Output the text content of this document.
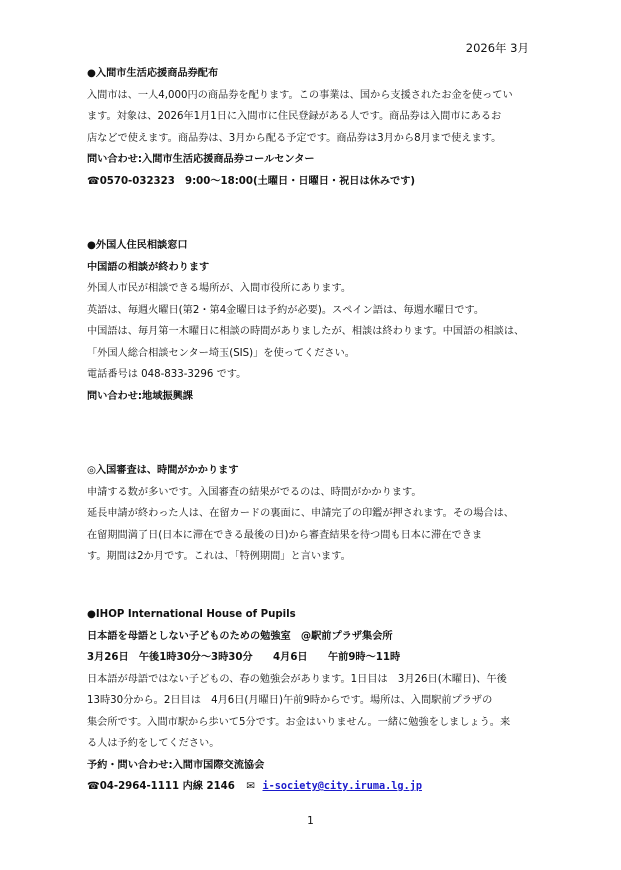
2026年 3月
●入間市生活応援商品券配布
入間市は、一人4,000円の商品券を配ります。この事業は、国から支援されたお金を使ってい
ます。対象は、2026年1月1日に入間市に住民登録がある人です。商品券は入間市にあるお
店などで使えます。商品券は、3月から配る予定です。商品券は3月から8月まで使えます。
問い合わせ:入間市生活応援商品券コールセンター
☎0570-032323　9:00～18:00(土曜日・日曜日・祝日は休みです)
●外国人住民相談窓口
中国語の相談が終わります
外国人市民が相談できる場所が、入間市役所にあります。
英語は、毎週火曜日(第2・第4金曜日は予約が必要)。スペイン語は、毎週水曜日です。
中国語は、毎月第一木曜日に相談の時間がありましたが、相談は終わります。中国語の相談は、
「外国人総合相談センター埼玉(SIS)」を使ってください。
電話番号は 048-833-3296 です。
問い合わせ:地域振興課
◎入国審査は、時間がかかります
申請する数が多いです。入国審査の結果がでるのは、時間がかかります。
延長申請が終わった人は、在留カードの裏面に、申請完了の印鑑が押されます。その場合は、
在留期間満了日(日本に滞在できる最後の日)から審査結果を待つ間も日本に滞在できま
す。期間は2か月です。これは、「特例期間」と言います。
●IHOP International House of Pupils
日本語を母語としない子どものための勉強室　@駅前プラザ集会所
3月26日　午後1時30分～3時30分　　4月6日　　午前9時～11時
日本語が母語ではない子どもの、春の勉強会があります。1日目は　3月26日(木曜日)、午後
13時30分から。2日目は　4月6日(月曜日)午前9時からです。場所は、入間駅前プラザの
集会所です。入間市駅から歩いて5分です。お金はいりません。一緒に勉強をしましょう。来
る人は予約をしてください。
予約・問い合わせ:入間市国際交流協会
☎04-2964-1111 内線 2146 ✉ i-society@city.iruma.lg.jp
1
